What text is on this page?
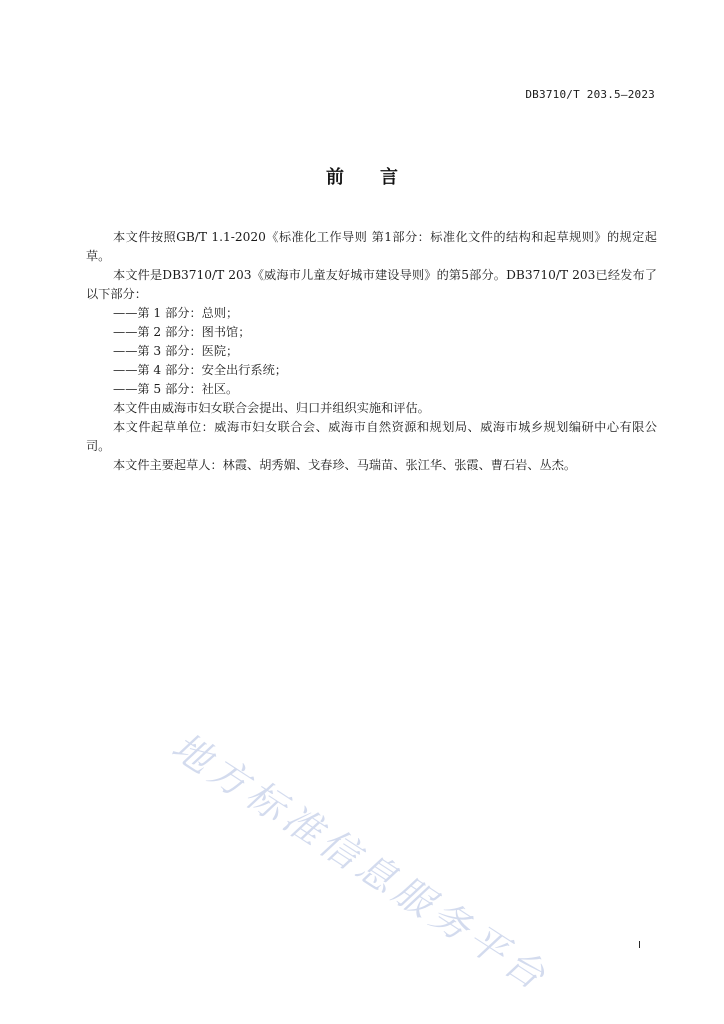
DB3710/T 203.5—2023
前言

本文件按照GB/T 1.1-2020《标准化工作导则 第1部分：标准化文件的结构和起草规则》的规定起草。

本文件是DB3710/T 203《威海市儿童友好城市建设导则》的第5部分。DB3710/T 203已经发布了以下部分：

——第 1 部分：总则；

——第 2 部分：图书馆；

——第 3 部分：医院；

——第 4 部分：安全出行系统；

——第 5 部分：社区。

本文件由威海市妇女联合会提出、归口并组织实施和评估。

本文件起草单位：威海市妇女联合会、威海市自然资源和规划局、威海市城乡规划编研中心有限公司。

本文件主要起草人：林霞、胡秀媚、戈春珍、马瑞苗、张江华、张霞、曹石岩、丛杰。

地方标准信息服务平台	I
